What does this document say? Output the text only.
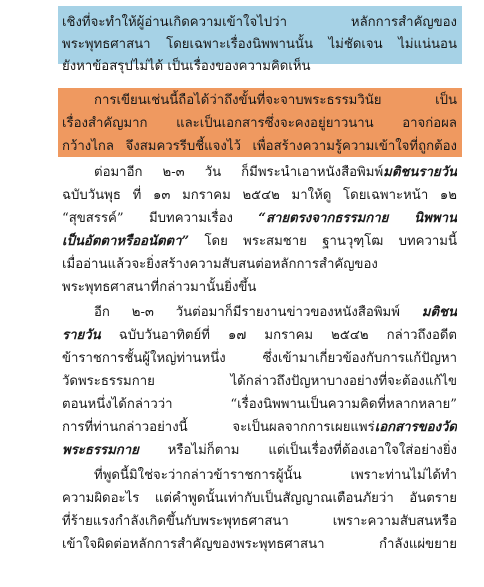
เชิงที่จะทำให้ผู้อ่านเกิดความเข้าใจไปว่า หลักการสำคัญของ
พระพุทธศาสนา โดยเฉพาะเรื่องนิพพานนั้น ไม่ชัดเจน ไม่แน่นอน
ยังหาข้อสรุปไม่ได้ เป็นเรื่องของความคิดเห็น
การเขียนเช่นนี้ถือได้ว่าถึงขั้นที่จะจาบพระธรรมวินัย เป็น
เรื่องสำคัญมาก และเป็นเอกสารซึ่งจะคงอยู่ยาวนาน อาจก่อผล
กว้างไกล จึงสมควรรีบชี้แจงไว้ เพื่อสร้างความรู้ความเข้าใจที่ถูกต้อง
ต่อมาอีก ๒-๓ วัน ก็มีพระนำเอาหนังสือพิมพ์มติชนรายวัน
ฉบับวันพุธ ที่ ๑๓ มกราคม ๒๕๔๒ มาให้ดู โดยเฉพาะหน้า ๑๒
“สุขสรรค์” มีบทความเรื่อง “สายตรงจากธรรมกาย นิพพาน
เป็นอัตตาหรืออนัตตา” โดย พระสมชาย ฐานวุฑฺโฒ บทความนี้
เมื่ออ่านแล้วจะยิ่งสร้างความสับสนต่อหลักการสำคัญของ
พระพุทธศาสนาที่กล่าวมานั้นยิ่งขึ้น
อีก ๒-๓ วันต่อมาก็มีรายงานข่าวของหนังสือพิมพ์ มติชน
รายวัน ฉบับวันอาทิตย์ที่ ๑๗ มกราคม ๒๕๔๒ กล่าวถึงอดีต
ข้าราชการชั้นผู้ใหญ่ท่านหนึ่ง ซึ่งเข้ามาเกี่ยวข้องกับการแก้ปัญหา
วัดพระธรรมกาย ได้กล่าวถึงปัญหาบางอย่างที่จะต้องแก้ไข
ตอนหนึ่งได้กล่าวว่า “เรื่องนิพพานเป็นความคิดที่หลากหลาย”
การที่ท่านกล่าวอย่างนี้ จะเป็นผลจากการเผยแพร่เอกสารของวัด
พระธรรมกาย หรือไม่ก็ตาม แต่เป็นเรื่องที่ต้องเอาใจใส่อย่างยิ่ง
ที่พูดนี้มิใช่จะว่ากล่าวข้าราชการผู้นั้น เพราะท่านไม่ได้ทำ
ความผิดอะไร แต่คำพูดนั้นเท่ากับเป็นสัญญาณเตือนภัยว่า อันตราย
ที่ร้ายแรงกำลังเกิดขึ้นกับพระพุทธศาสนา เพราะความสับสนหรือ
เข้าใจผิดต่อหลักการสำคัญของพระพุทธศาสนา กำลังแผ่ขยาย
